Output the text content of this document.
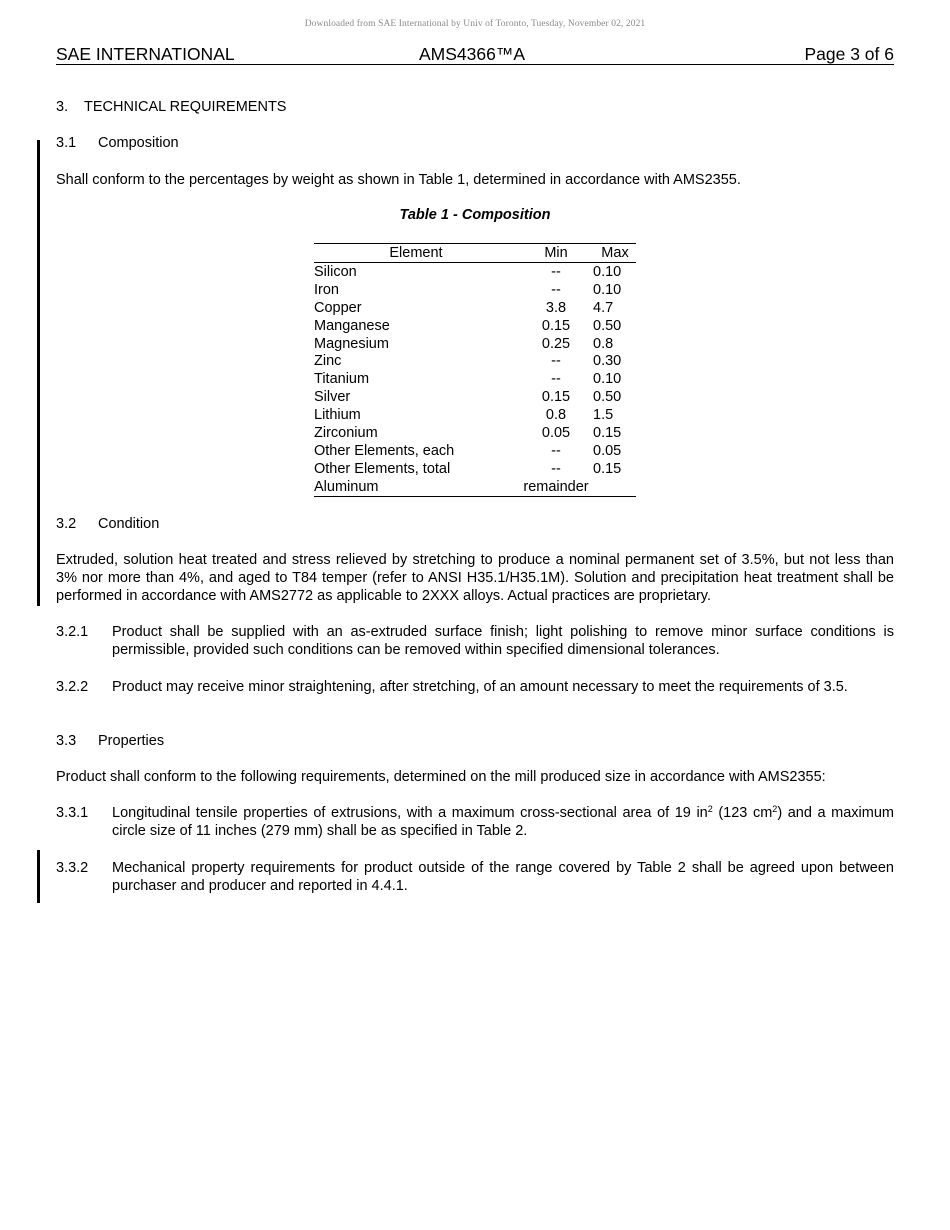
Downloaded from SAE International by Univ of Toronto, Tuesday, November 02, 2021
SAE INTERNATIONAL	AMS4366™A	Page 3 of 6
3. TECHNICAL REQUIREMENTS
3.1 Composition
Shall conform to the percentages by weight as shown in Table 1, determined in accordance with AMS2355.
Table 1 - Composition
Element	Min	Max
Silicon	--	0.10
Iron	--	0.10
Copper	3.8	4.7
Manganese	0.15	0.50
Magnesium	0.25	0.8
Zinc	--	0.30
Titanium	--	0.10
Silver	0.15	0.50
Lithium	0.8	1.5
Zirconium	0.05	0.15
Other Elements, each	--	0.05
Other Elements, total	--	0.15
Aluminum	remainder
3.2 Condition
Extruded, solution heat treated and stress relieved by stretching to produce a nominal permanent set of 3.5%, but not less than 3% nor more than 4%, and aged to T84 temper (refer to ANSI H35.1/H35.1M). Solution and precipitation heat treatment shall be performed in accordance with AMS2772 as applicable to 2XXX alloys. Actual practices are proprietary.
3.2.1 Product shall be supplied with an as-extruded surface finish; light polishing to remove minor surface conditions is permissible, provided such conditions can be removed within specified dimensional tolerances.
3.2.2 Product may receive minor straightening, after stretching, of an amount necessary to meet the requirements of 3.5.
3.3 Properties
Product shall conform to the following requirements, determined on the mill produced size in accordance with AMS2355:
3.3.1 Longitudinal tensile properties of extrusions, with a maximum cross-sectional area of 19 $in^2$ (123 $cm^2$) and a maximum circle size of 11 inches (279 mm) shall be as specified in Table 2.
3.3.2 Mechanical property requirements for product outside of the range covered by Table 2 shall be agreed upon between purchaser and producer and reported in 4.4.1.
